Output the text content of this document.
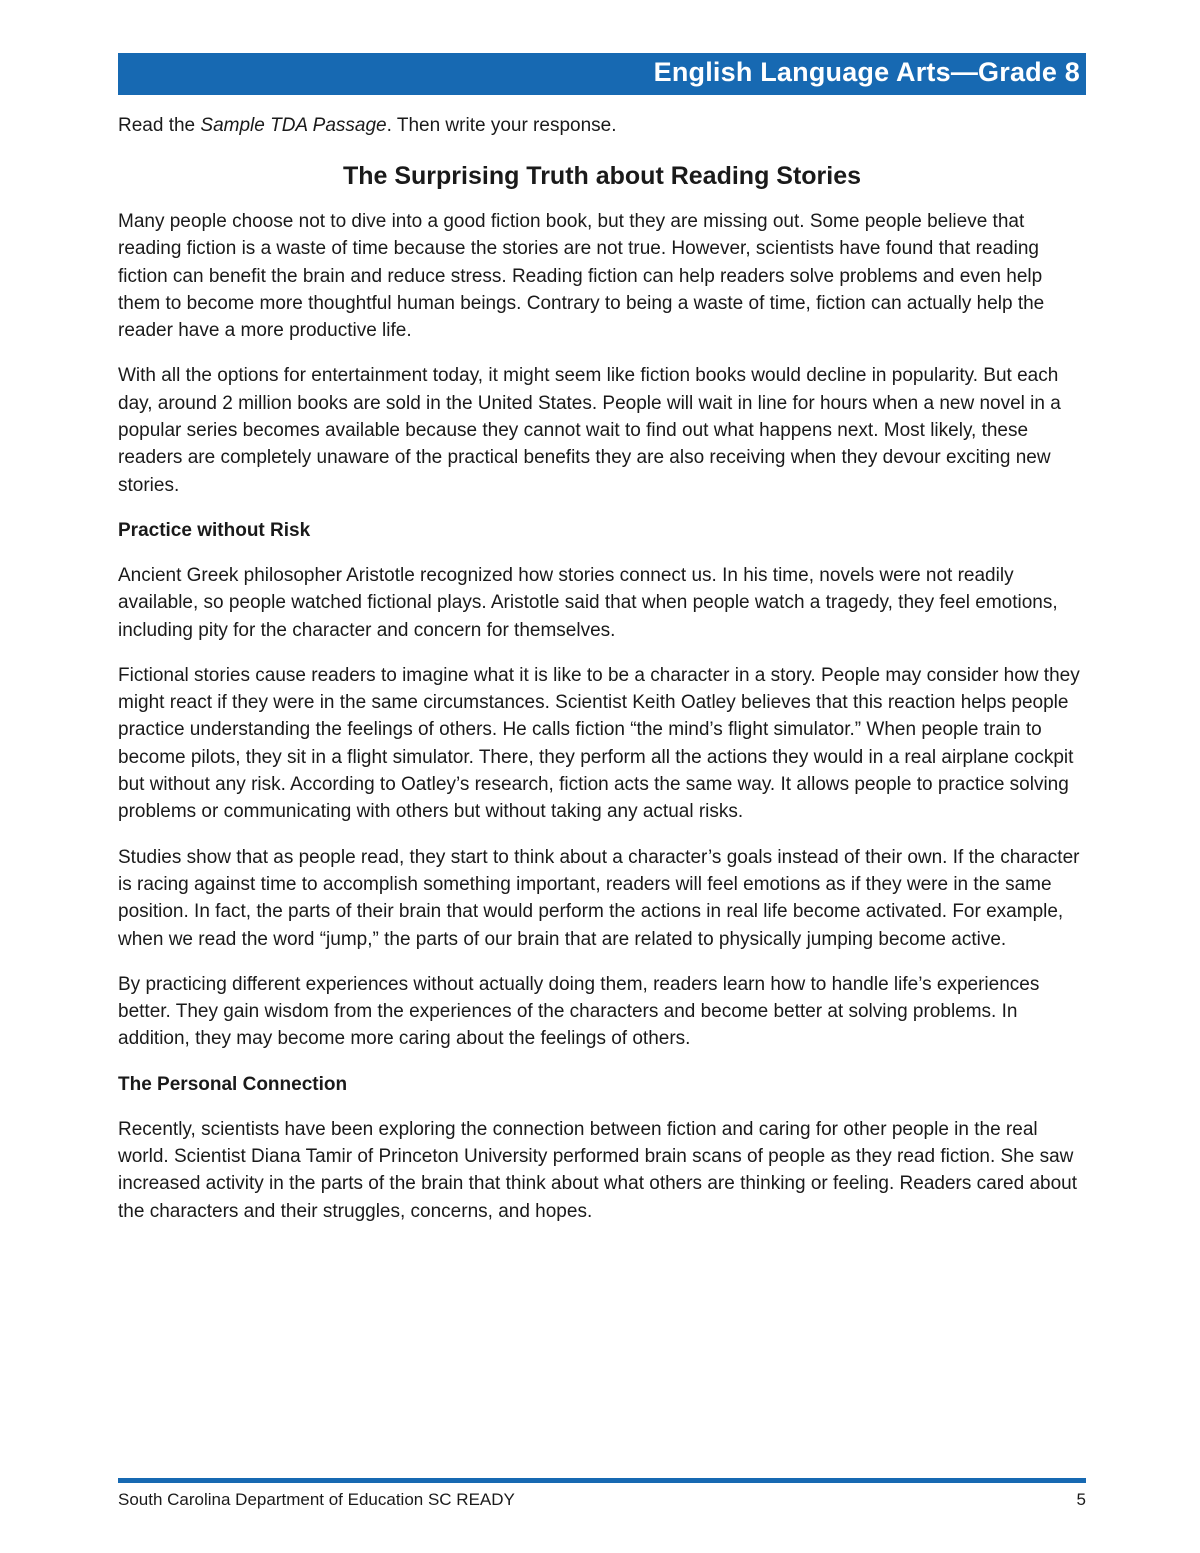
English Language Arts—Grade 8

Read the Sample TDA Passage. Then write your response.

The Surprising Truth about Reading Stories

Many people choose not to dive into a good fiction book, but they are missing out. Some people believe that reading fiction is a waste of time because the stories are not true. However, scientists have found that reading fiction can benefit the brain and reduce stress. Reading fiction can help readers solve problems and even help them to become more thoughtful human beings. Contrary to being a waste of time, fiction can actually help the reader have a more productive life.

With all the options for entertainment today, it might seem like fiction books would decline in popularity. But each day, around 2 million books are sold in the United States. People will wait in line for hours when a new novel in a popular series becomes available because they cannot wait to find out what happens next. Most likely, these readers are completely unaware of the practical benefits they are also receiving when they devour exciting new stories.

Practice without Risk

Ancient Greek philosopher Aristotle recognized how stories connect us. In his time, novels were not readily available, so people watched fictional plays. Aristotle said that when people watch a tragedy, they feel emotions, including pity for the character and concern for themselves.

Fictional stories cause readers to imagine what it is like to be a character in a story. People may consider how they might react if they were in the same circumstances. Scientist Keith Oatley believes that this reaction helps people practice understanding the feelings of others. He calls fiction “the mind’s flight simulator.” When people train to become pilots, they sit in a flight simulator. There, they perform all the actions they would in a real airplane cockpit but without any risk. According to Oatley’s research, fiction acts the same way. It allows people to practice solving problems or communicating with others but without taking any actual risks.

Studies show that as people read, they start to think about a character’s goals instead of their own. If the character is racing against time to accomplish something important, readers will feel emotions as if they were in the same position. In fact, the parts of their brain that would perform the actions in real life become activated. For example, when we read the word “jump,” the parts of our brain that are related to physically jumping become active.

By practicing different experiences without actually doing them, readers learn how to handle life’s experiences better. They gain wisdom from the experiences of the characters and become better at solving problems. In addition, they may become more caring about the feelings of others.

The Personal Connection

Recently, scientists have been exploring the connection between fiction and caring for other people in the real world. Scientist Diana Tamir of Princeton University performed brain scans of people as they read fiction. She saw increased activity in the parts of the brain that think about what others are thinking or feeling. Readers cared about the characters and their struggles, concerns, and hopes.

South Carolina Department of Education SC READY	5
